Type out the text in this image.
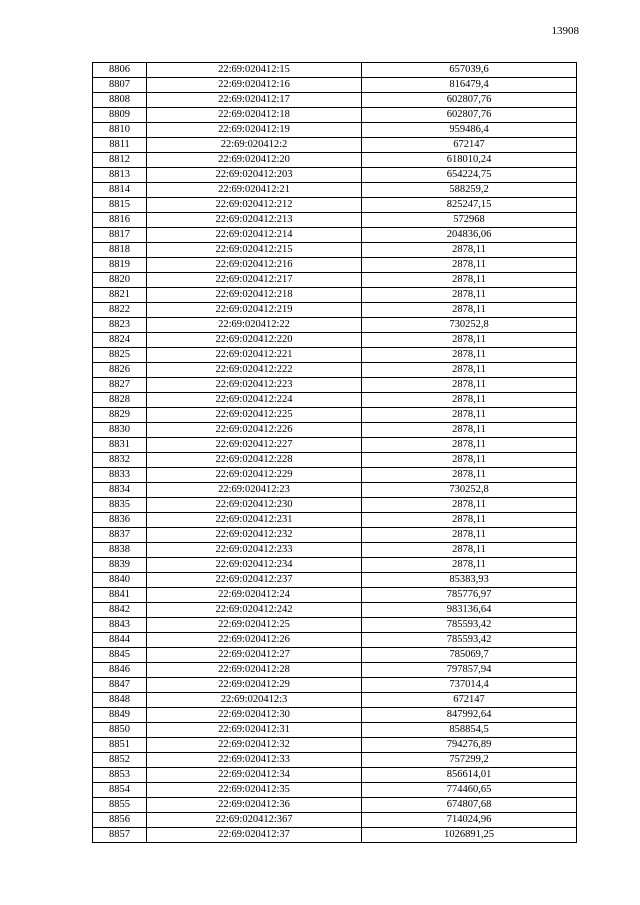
13908
8806	22:69:020412:15	657039,6
8807	22:69:020412:16	816479,4
8808	22:69:020412:17	602807,76
8809	22:69:020412:18	602807,76
8810	22:69:020412:19	959486,4
8811	22:69:020412:2	672147
8812	22:69:020412:20	618010,24
8813	22:69:020412:203	654224,75
8814	22:69:020412:21	588259,2
8815	22:69:020412:212	825247,15
8816	22:69:020412:213	572968
8817	22:69:020412:214	204836,06
8818	22:69:020412:215	2878,11
8819	22:69:020412:216	2878,11
8820	22:69:020412:217	2878,11
8821	22:69:020412:218	2878,11
8822	22:69:020412:219	2878,11
8823	22:69:020412:22	730252,8
8824	22:69:020412:220	2878,11
8825	22:69:020412:221	2878,11
8826	22:69:020412:222	2878,11
8827	22:69:020412:223	2878,11
8828	22:69:020412:224	2878,11
8829	22:69:020412:225	2878,11
8830	22:69:020412:226	2878,11
8831	22:69:020412:227	2878,11
8832	22:69:020412:228	2878,11
8833	22:69:020412:229	2878,11
8834	22:69:020412:23	730252,8
8835	22:69:020412:230	2878,11
8836	22:69:020412:231	2878,11
8837	22:69:020412:232	2878,11
8838	22:69:020412:233	2878,11
8839	22:69:020412:234	2878,11
8840	22:69:020412:237	85383,93
8841	22:69:020412:24	785776,97
8842	22:69:020412:242	983136,64
8843	22:69:020412:25	785593,42
8844	22:69:020412:26	785593,42
8845	22:69:020412:27	785069,7
8846	22:69:020412:28	797857,94
8847	22:69:020412:29	737014,4
8848	22:69:020412:3	672147
8849	22:69:020412:30	847992,64
8850	22:69:020412:31	858854,5
8851	22:69:020412:32	794276,89
8852	22:69:020412:33	757299,2
8853	22:69:020412:34	856614,01
8854	22:69:020412:35	774460,65
8855	22:69:020412:36	674807,68
8856	22:69:020412:367	714024,96
8857	22:69:020412:37	1026891,25
